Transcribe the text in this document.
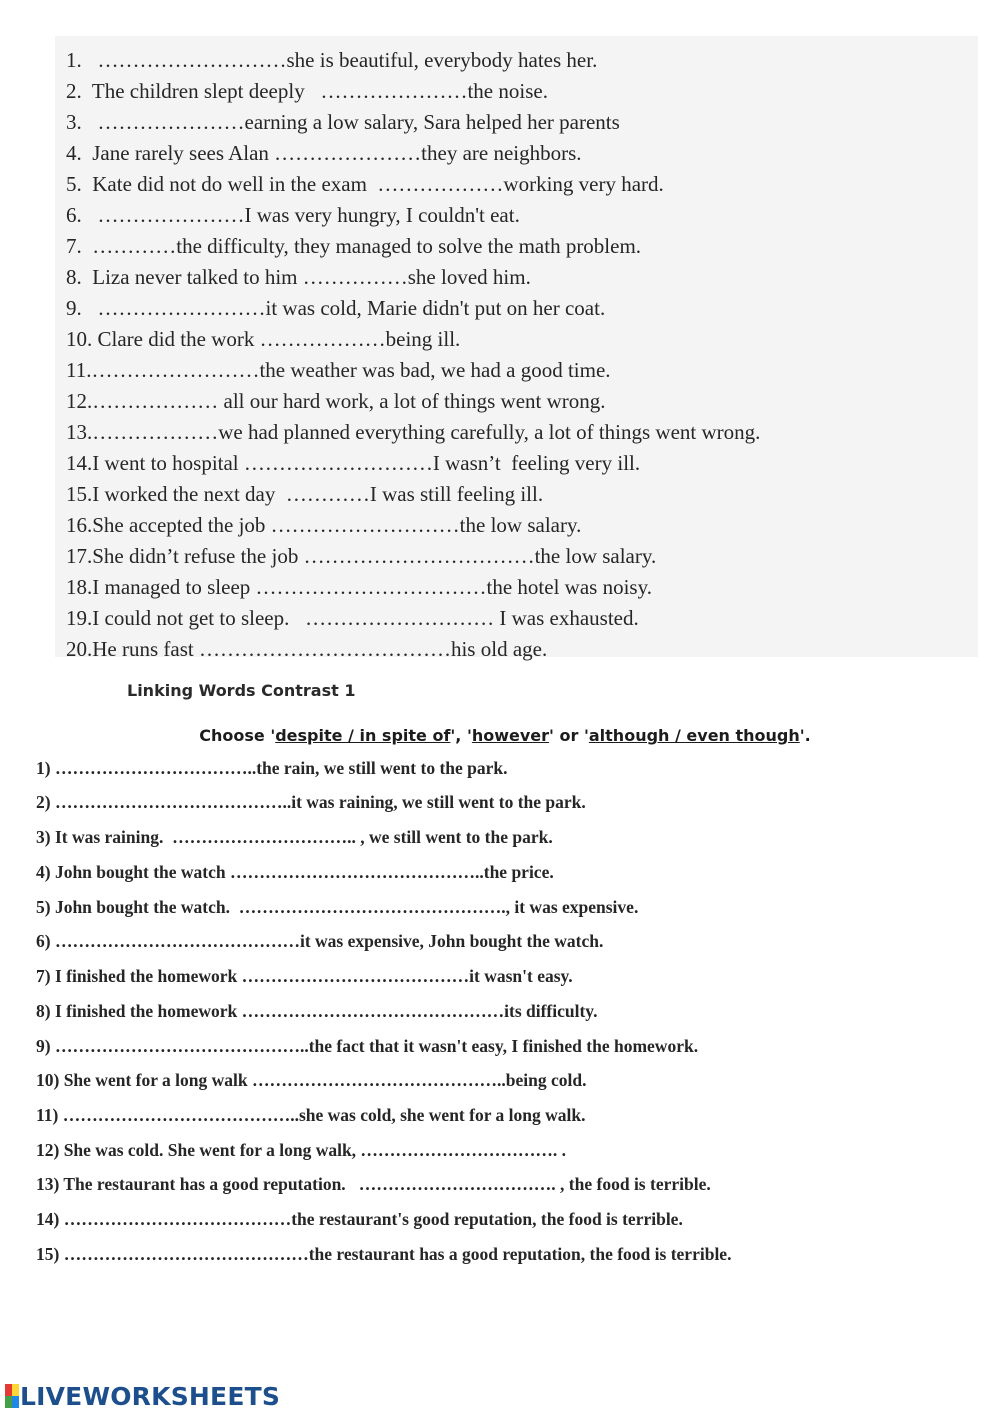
1.   ………………………she is beautiful, everybody hates her.
2.  The children slept deeply   …………………the noise.
3.   …………………earning a low salary, Sara helped her parents
4.  Jane rarely sees Alan …………………they are neighbors.
5.  Kate did not do well in the exam  ………………working very hard.
6.   …………………I was very hungry, I couldn't eat.
7.  …………the difficulty, they managed to solve the math problem.
8.  Liza never talked to him ……………she loved him.
9.   ……………………it was cold, Marie didn't put on her coat.
10. Clare did the work ………………being ill.
11.……………………the weather was bad, we had a good time.
12.……………… all our hard work, a lot of things went wrong.
13.………………we had planned everything carefully, a lot of things went wrong.
14.I went to hospital ………………………I wasn’t  feeling very ill.
15.I worked the next day  …………I was still feeling ill.
16.She accepted the job ………………………the low salary.
17.She didn’t refuse the job ……………………………the low salary.
18.I managed to sleep ……………………………the hotel was noisy.
19.I could not get to sleep.   ……………………… I was exhausted.
20.He runs fast ………………………………his old age.
Linking Words Contrast 1
Choose 'despite / in spite of', 'however' or 'although / even though'.
1) ……………………………..the rain, we still went to the park.
2) …………………………………..it was raining, we still went to the park.
3) It was raining.  ………………………….. , we still went to the park.
4) John bought the watch ……………………………………..the price.
5) John bought the watch.  ………………………………………., it was expensive.
6) ……………………………………it was expensive, John bought the watch.
7) I finished the homework …………………………………it wasn't easy.
8) I finished the homework ………………………………………its difficulty.
9) ……………………………………..the fact that it wasn't easy, I finished the homework.
10) She went for a long walk ……………………………………..being cold.
11) …………………………………..she was cold, she went for a long walk.
12) She was cold. She went for a long walk, ……………………………. .
13) The restaurant has a good reputation.   ……………………………. , the food is terrible.
14) …………………………………the restaurant's good reputation, the food is terrible.
15) ……………………………………the restaurant has a good reputation, the food is terrible.
LIVEWORKSHEETS
